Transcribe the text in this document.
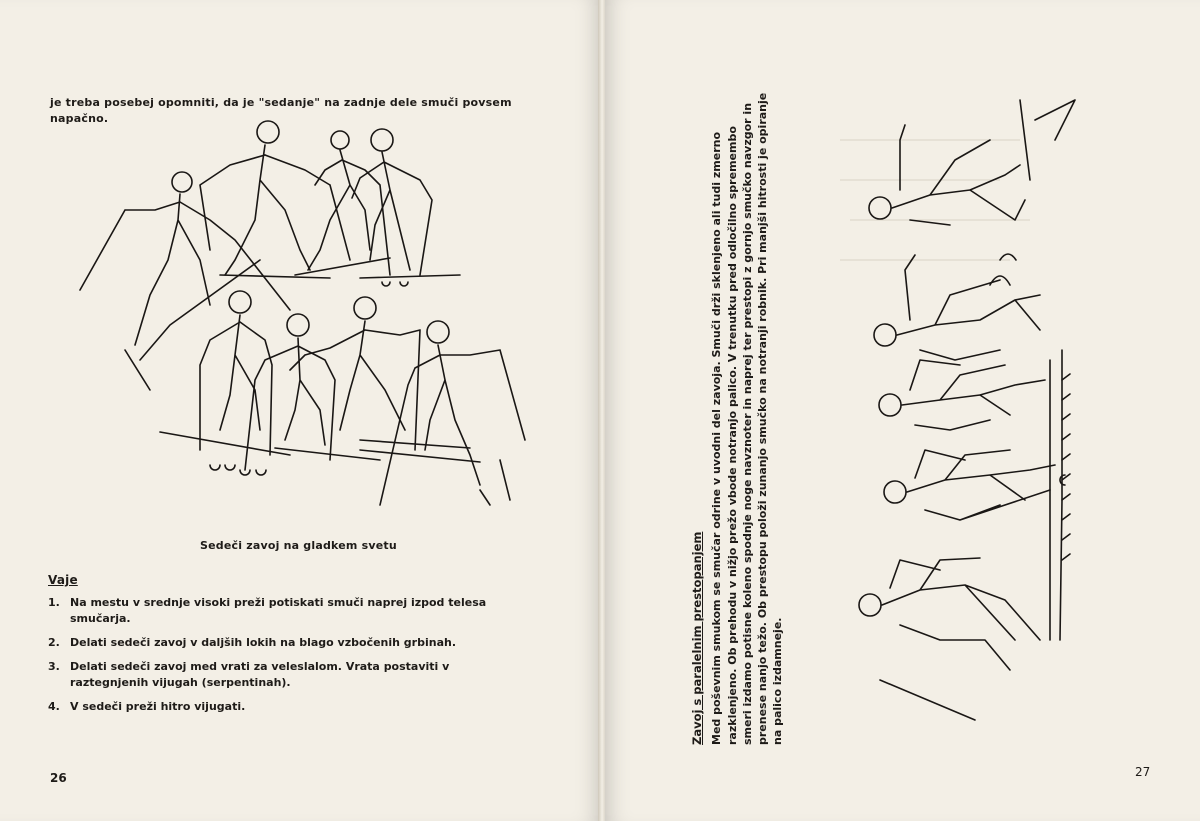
je treba posebej opomniti, da je "sedanje" na zadnje dele smuči povsem napačno.
Sedeči zavoj na gladkem svetu
Vaje
1. Na mestu v srednje visoki preži potiskati smuči naprej izpod telesa smučarja.
2. Delati sedeči zavoj v daljših lokih na blago vzbočenih grbinah.
3. Delati sedeči zavoj med vrati za veleslalom. Vrata postaviti v raztegnjenih vijugah (serpentinah).
4. V sedeči preži hitro vijugati.
26
Zavoj s paralelnim prestopanjem Med poševnim smukom se smučar odrine v uvodni del zavoja. Smuči drži sklenjeno ali tudi zmerno razklenjeno. Ob prehodu v nižjo prežo vbode notranjo palico. V trenutku pred odločilno spremembo smeri izdamo potisne koleno spodnje noge navznoter in naprej ter prestopi z gornjo smučko navzgor in prenese nanjo težo. Ob prestopu položi zunanjo smučko na notranji robnik. Pri manjši hitrosti je opiranje na palico izdamneje.

27
